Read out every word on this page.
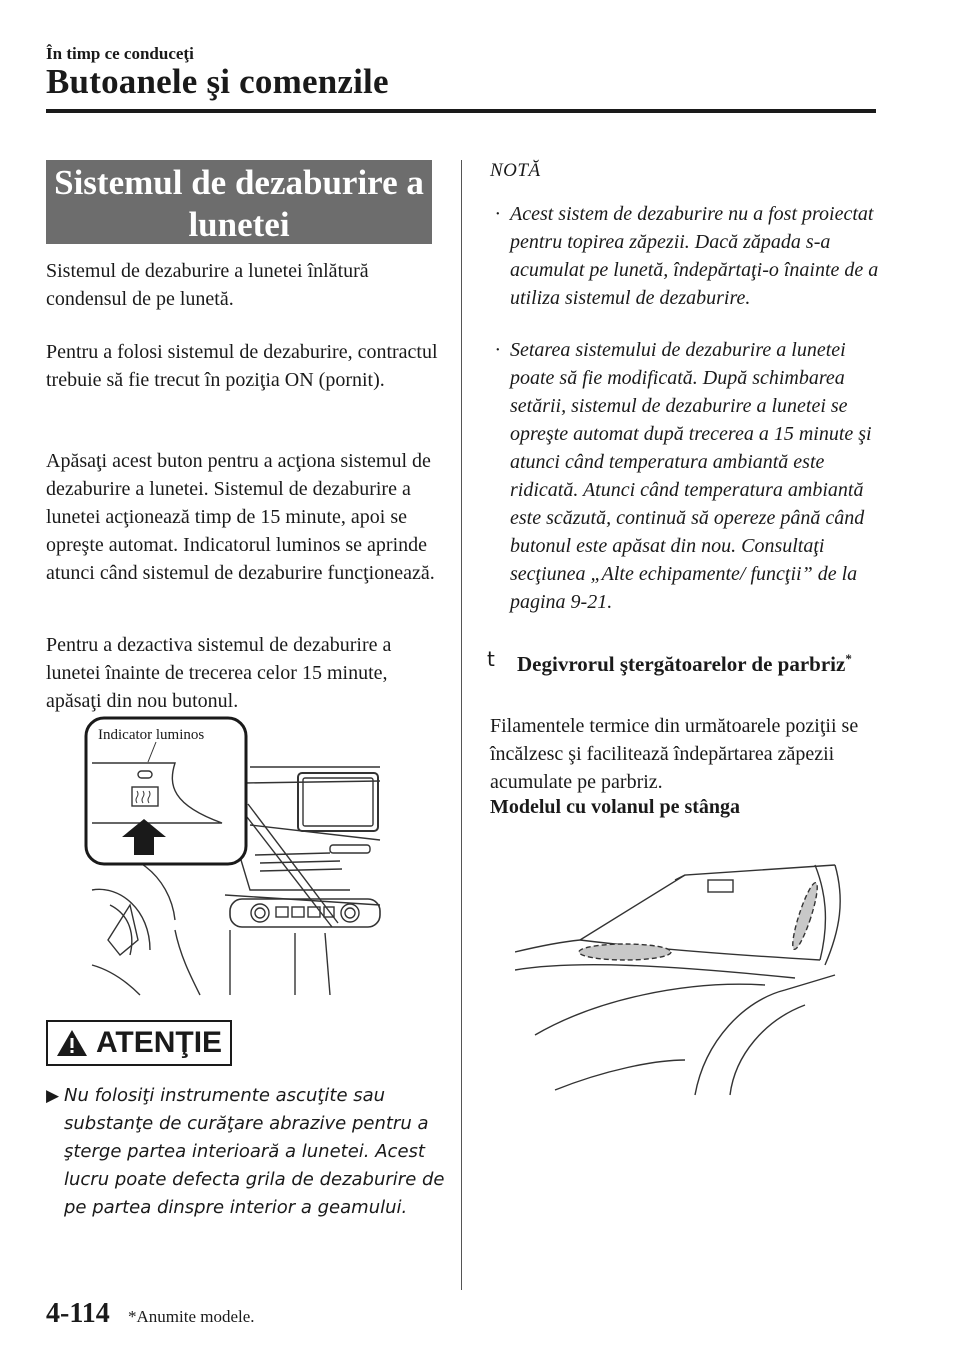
În timp ce conduceţi
Butoanele şi comenzile
Sistemul de dezaburire a
lunetei
Sistemul de dezaburire a lunetei înlătură condensul de pe lunetă.
Pentru a folosi sistemul de dezaburire, contractul trebuie să fie trecut în poziţia ON (pornit).
Apăsaţi acest buton pentru a acţiona sistemul de dezaburire a lunetei. Sistemul de dezaburire a lunetei acţionează timp de 15 minute, apoi se opreşte automat. Indicatorul luminos se aprinde atunci când sistemul de dezaburire funcţionează.
Pentru a dezactiva sistemul de dezaburire a lunetei înainte de trecerea celor 15 minute, apăsaţi din nou butonul.
Indicator luminos
ATENŢIE
▶ Nu folosiţi instrumente ascuţite sau substanţe de curăţare abrazive pentru a şterge partea interioară a lunetei. Acest lucru poate defecta grila de dezaburire de pe partea dinspre interior a geamului.
NOTĂ
· Acest sistem de dezaburire nu a fost proiectat pentru topirea zăpezii. Dacă zăpada s-a acumulat pe lunetă, îndepărtaţi-o înainte de a utiliza sistemul de dezaburire.
· Setarea sistemului de dezaburire a lunetei poate să fie modificată. După schimbarea setării, sistemul de dezaburire a lunetei se opreşte automat după trecerea a 15 minute şi atunci când temperatura ambiantă este ridicată. Atunci când temperatura ambiantă este scăzută, continuă să opereze până când butonul este apăsat din nou. Consultaţi secţiunea „Alte echipamente/ funcţii” de la pagina 9-21.
t	Degivrorul ştergătoarelor de parbriz*
Filamentele termice din următoarele poziţii se încălzesc şi facilitează îndepărtarea zăpezii acumulate pe parbriz.
Modelul cu volanul pe stânga
4-114 *Anumite modele.
